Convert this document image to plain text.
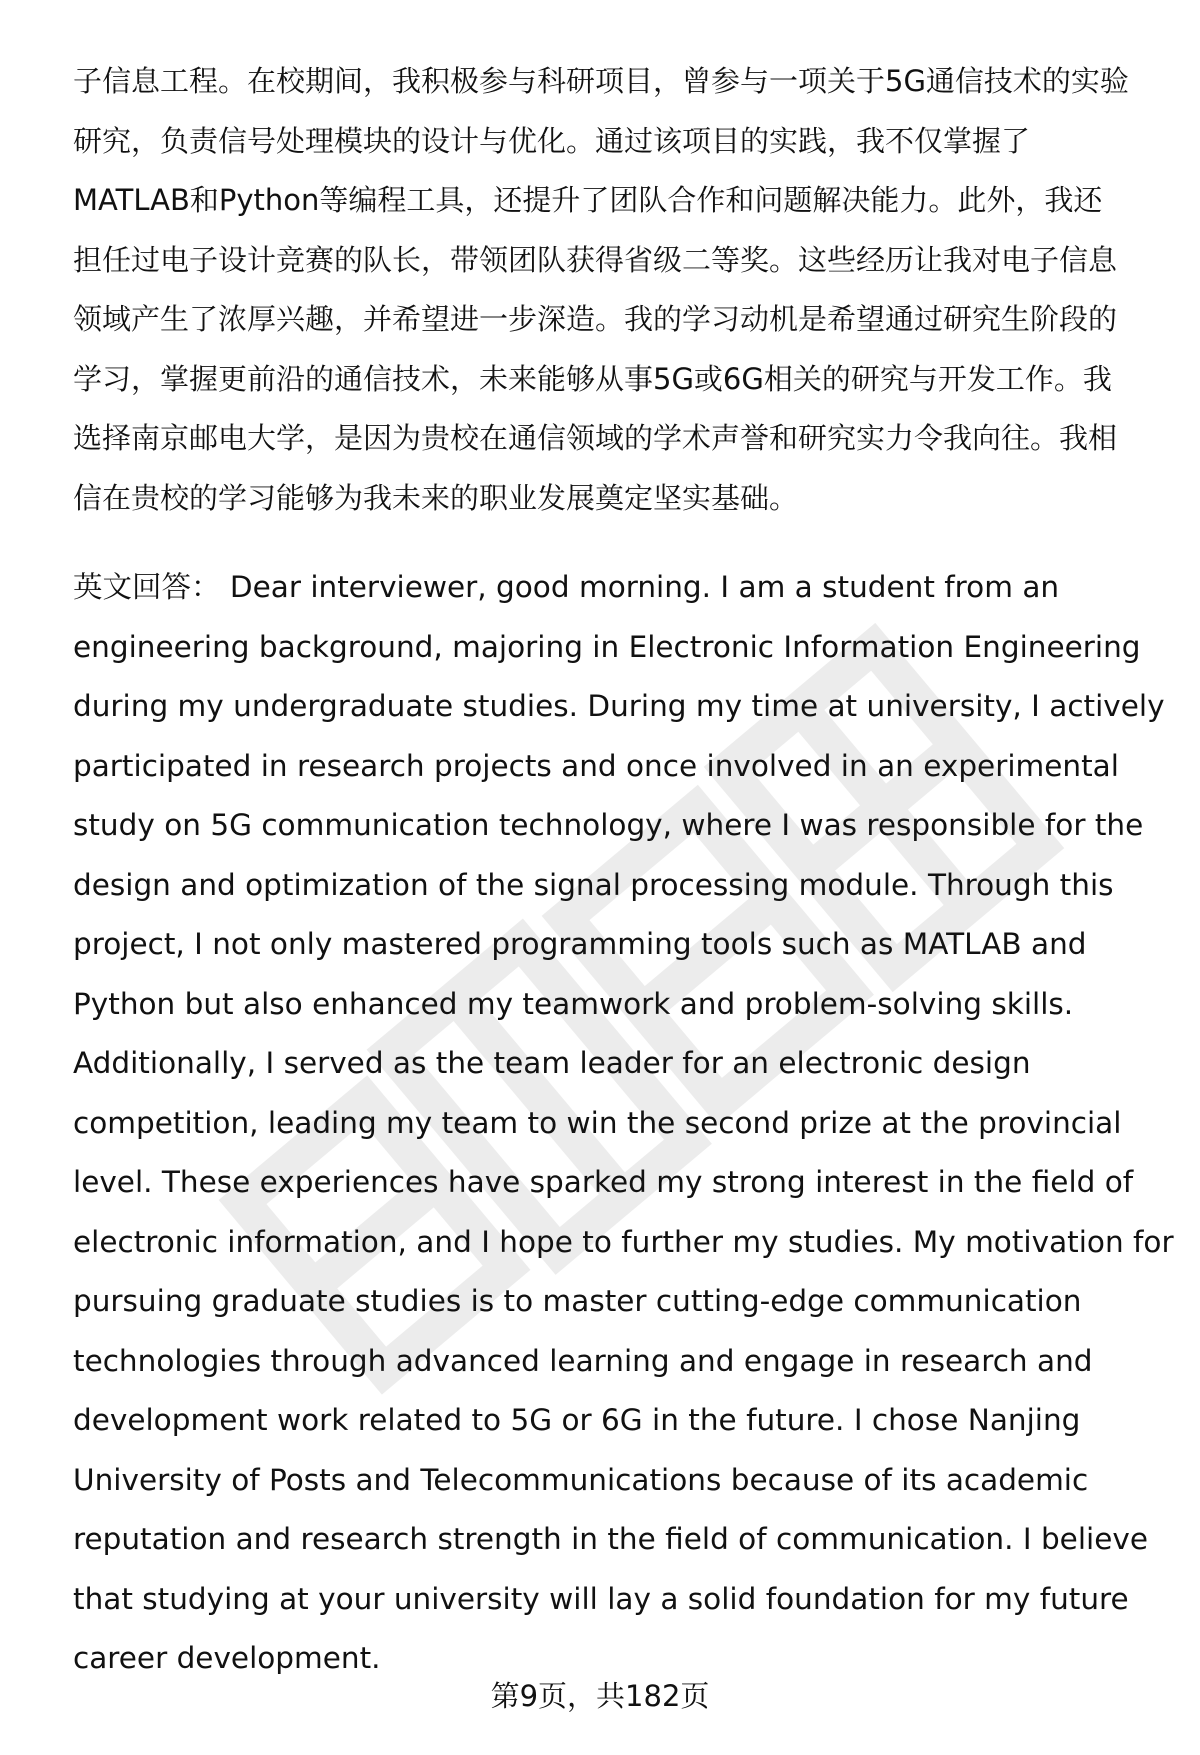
子信息工程。在校期间，我积极参与科研项目，曾参与一项关于5G通信技术的实验
研究，负责信号处理模块的设计与优化。通过该项目的实践，我不仅掌握了
MATLAB和Python等编程工具，还提升了团队合作和问题解决能力。此外，我还
担任过电子设计竞赛的队长，带领团队获得省级二等奖。这些经历让我对电子信息
领域产生了浓厚兴趣，并希望进一步深造。我的学习动机是希望通过研究生阶段的
学习，掌握更前沿的通信技术，未来能够从事5G或6G相关的研究与开发工作。我
选择南京邮电大学，是因为贵校在通信领域的学术声誉和研究实力令我向往。我相
信在贵校的学习能够为我未来的职业发展奠定坚实基础。
英文回答： Dear interviewer, good morning. I am a student from an
engineering background, majoring in Electronic Information Engineering
during my undergraduate studies. During my time at university, I actively
participated in research projects and once involved in an experimental
study on 5G communication technology, where I was responsible for the
design and optimization of the signal processing module. Through this
project, I not only mastered programming tools such as MATLAB and
Python but also enhanced my teamwork and problem-solving skills.
Additionally, I served as the team leader for an electronic design
competition, leading my team to win the second prize at the provincial
level. These experiences have sparked my strong interest in the field of
electronic information, and I hope to further my studies. My motivation for
pursuing graduate studies is to master cutting-edge communication
technologies through advanced learning and engage in research and
development work related to 5G or 6G in the future. I chose Nanjing
University of Posts and Telecommunications because of its academic
reputation and research strength in the field of communication. I believe
that studying at your university will lay a solid foundation for my future
career development.
第9页，共182页
